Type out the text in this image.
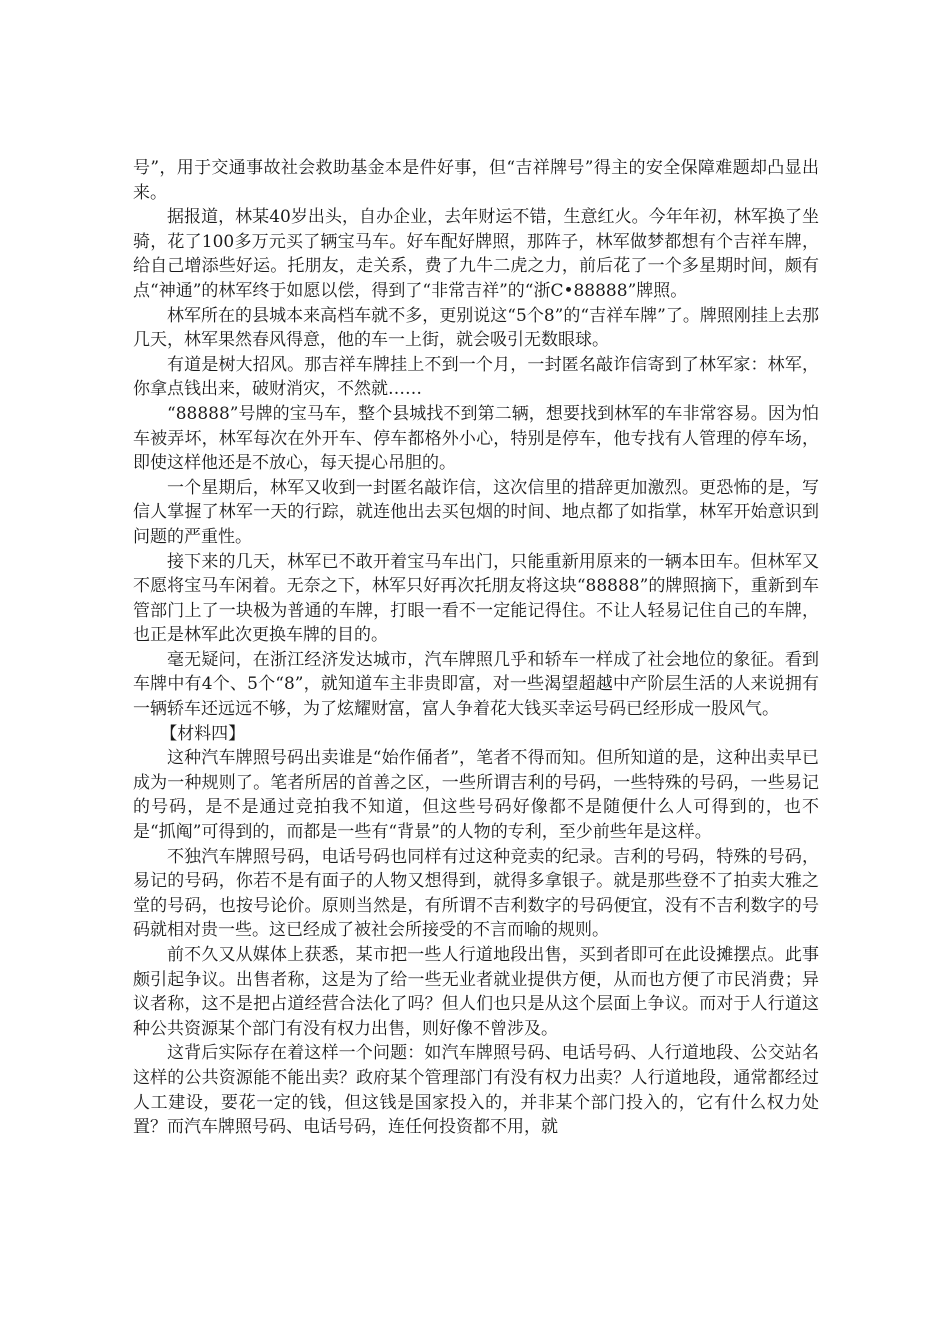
号”，用于交通事故社会救助基金本是件好事，但“吉祥牌号”得主的安全保障难题却凸显出来。

据报道，林某40岁出头，自办企业，去年财运不错，生意红火。今年年初，林军换了坐骑，花了100多万元买了辆宝马车。好车配好牌照，那阵子，林军做梦都想有个吉祥车牌，给自己增添些好运。托朋友，走关系，费了九牛二虎之力，前后花了一个多星期时间，颇有点“神通”的林军终于如愿以偿，得到了“非常吉祥”的“浙C•88888”牌照。

林军所在的县城本来高档车就不多，更别说这“5个8”的“吉祥车牌”了。牌照刚挂上去那几天，林军果然春风得意，他的车一上街，就会吸引无数眼球。

有道是树大招风。那吉祥车牌挂上不到一个月，一封匿名敲诈信寄到了林军家：林军，你拿点钱出来，破财消灾，不然就……

“88888”号牌的宝马车，整个县城找不到第二辆，想要找到林军的车非常容易。因为怕车被弄坏，林军每次在外开车、停车都格外小心，特别是停车，他专找有人管理的停车场，即使这样他还是不放心，每天提心吊胆的。

一个星期后，林军又收到一封匿名敲诈信，这次信里的措辞更加激烈。更恐怖的是，写信人掌握了林军一天的行踪，就连他出去买包烟的时间、地点都了如指掌，林军开始意识到问题的严重性。

接下来的几天，林军已不敢开着宝马车出门，只能重新用原来的一辆本田车。但林军又不愿将宝马车闲着。无奈之下，林军只好再次托朋友将这块“88888”的牌照摘下，重新到车管部门上了一块极为普通的车牌，打眼一看不一定能记得住。不让人轻易记住自己的车牌，也正是林军此次更换车牌的目的。

毫无疑问，在浙江经济发达城市，汽车牌照几乎和轿车一样成了社会地位的象征。看到车牌中有4个、5个“8”，就知道车主非贵即富，对一些渴望超越中产阶层生活的人来说拥有一辆轿车还远远不够，为了炫耀财富，富人争着花大钱买幸运号码已经形成一股风气。

【材料四】

这种汽车牌照号码出卖谁是“始作俑者”，笔者不得而知。但所知道的是，这种出卖早已成为一种规则了。笔者所居的首善之区，一些所谓吉利的号码，一些特殊的号码，一些易记的号码，是不是通过竞拍我不知道，但这些号码好像都不是随便什么人可得到的，也不是“抓阄”可得到的，而都是一些有“背景”的人物的专利，至少前些年是这样。

不独汽车牌照号码，电话号码也同样有过这种竞卖的纪录。吉利的号码，特殊的号码，易记的号码，你若不是有面子的人物又想得到，就得多拿银子。就是那些登不了拍卖大雅之堂的号码，也按号论价。原则当然是，有所谓不吉利数字的号码便宜，没有不吉利数字的号码就相对贵一些。这已经成了被社会所接受的不言而喻的规则。

前不久又从媒体上获悉，某市把一些人行道地段出售，买到者即可在此设摊摆点。此事颇引起争议。出售者称，这是为了给一些无业者就业提供方便，从而也方便了市民消费；异议者称，这不是把占道经营合法化了吗？但人们也只是从这个层面上争议。而对于人行道这种公共资源某个部门有没有权力出售，则好像不曾涉及。

这背后实际存在着这样一个问题：如汽车牌照号码、电话号码、人行道地段、公交站名这样的公共资源能不能出卖？政府某个管理部门有没有权力出卖？人行道地段，通常都经过人工建设，要花一定的钱，但这钱是国家投入的，并非某个部门投入的，它有什么权力处置？而汽车牌照号码、电话号码，连任何投资都不用，就
